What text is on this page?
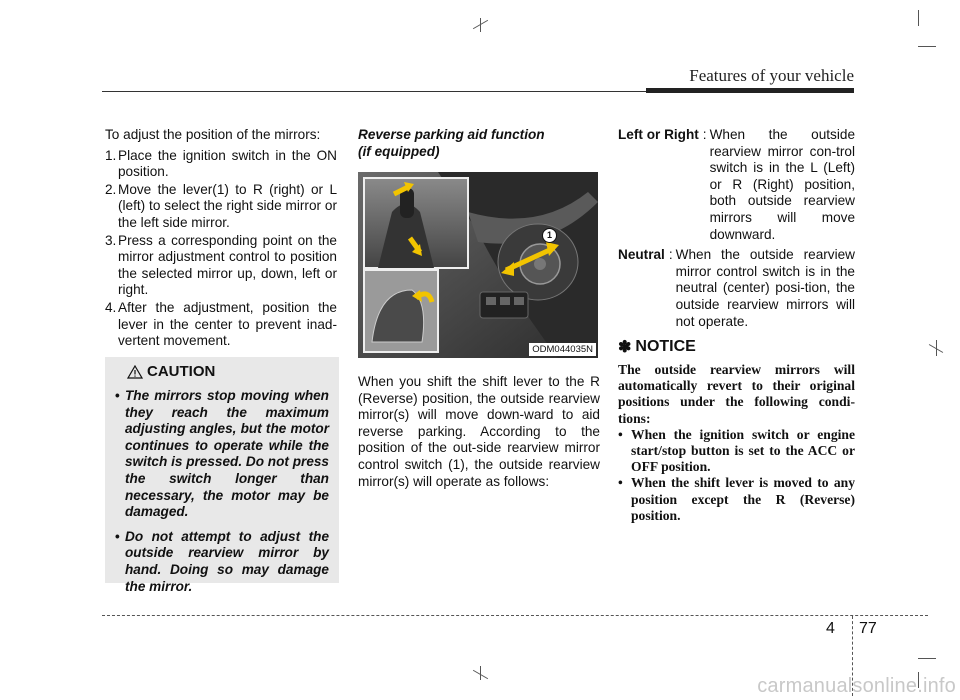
Features of your vehicle
To adjust the position of the mirrors:
1. Place the ignition switch in the ON position.
2. Move the lever(1) to R (right) or L (left) to select the right side mirror or the left side mirror.
3. Press a corresponding point on the mirror adjustment control to position the selected mirror up, down, left or right.
4. After the adjustment, position the lever in the center to prevent inad-vertent movement.
CAUTION
• The mirrors stop moving when they reach the maximum adjusting angles, but the motor continues to operate while the switch is pressed. Do not press the switch longer than necessary, the motor may be damaged.
• Do not attempt to adjust the outside rearview mirror by hand. Doing so may damage the mirror.
Reverse parking aid function
(if equipped)
1
ODM044035N
When you shift the shift lever to the R (Reverse) position, the outside rearview mirror(s) will move down-ward to aid reverse parking. According to the position of the out-side rearview mirror control switch (1), the outside rearview mirror(s) will operate as follows:
Left or Right : When the outside rearview mirror con-trol switch is in the L (Left) or R (Right) position, both outside rearview mirrors will move downward.
Neutral : When the outside rearview mirror control switch is in the neutral (center) posi-tion, the outside rearview mirrors will not operate.
✽ NOTICE
The outside rearview mirrors will automatically revert to their original positions under the following condi-tions:
• When the ignition switch or engine start/stop button is set to the ACC or OFF position.
• When the shift lever is moved to any position except the R (Reverse) position.
4 77
carmanualsonline.info
